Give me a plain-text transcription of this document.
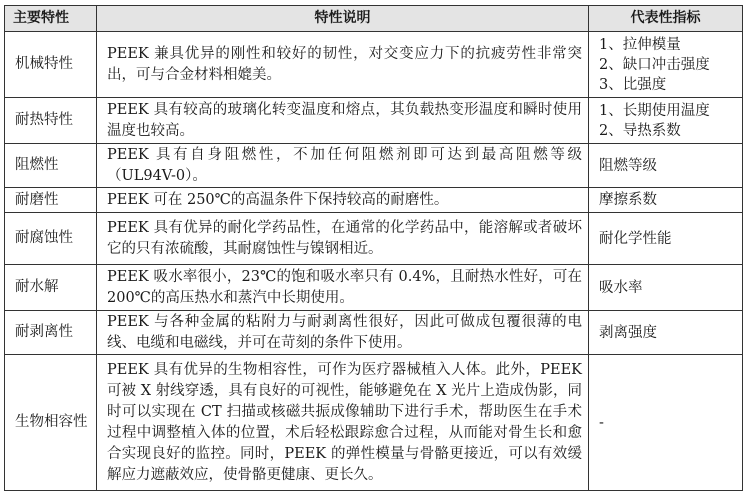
主要特性	特性说明	代表性指标
机械特性	PEEK 兼具优异的刚性和较好的韧性，对交变应力下的抗疲劳性非常突出，可与合金材料相媲美。	1、拉伸模量
2、缺口冲击强度
3、比强度

耐热特性	PEEK 具有较高的玻璃化转变温度和熔点，其负载热变形温度和瞬时使用温度也较高。	1、长期使用温度
2、导热系数

阻燃性	PEEK 具有自身阻燃性，不加任何阻燃剂即可达到最高阻燃等级（UL94V-0）。	阻燃等级

耐磨性	PEEK 可在 250℃的高温条件下保持较高的耐磨性。	摩擦系数

耐腐蚀性	PEEK 具有优异的耐化学药品性，在通常的化学药品中，能溶解或者破坏它的只有浓硫酸，其耐腐蚀性与镍钢相近。	耐化学性能

耐水解	PEEK 吸水率很小，23℃的饱和吸水率只有 0.4%，且耐热水性好，可在 200℃的高压热水和蒸汽中长期使用。	吸水率

耐剥离性	PEEK 与各种金属的粘附力与耐剥离性很好，因此可做成包覆很薄的电线、电缆和电磁线，并可在苛刻的条件下使用。	剥离强度

生物相容性	PEEK 具有优异的生物相容性，可作为医疗器械植入人体。此外，PEEK 可被 X 射线穿透，具有良好的可视性，能够避免在 X 光片上造成伪影，同时可以实现在 CT 扫描或核磁共振成像辅助下进行手术，帮助医生在手术过程中调整植入体的位置，术后轻松跟踪愈合过程，从而能对骨生长和愈合实现良好的监控。同时，PEEK 的弹性模量与骨骼更接近，可以有效缓解应力遮蔽效应，使骨骼更健康、更长久。	-
